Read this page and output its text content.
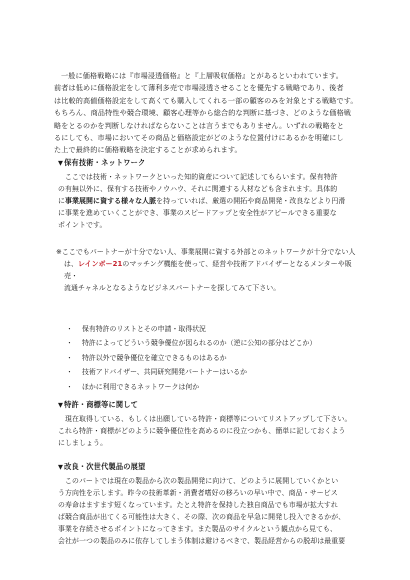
一般に価格戦略には『市場浸透価格』と『上層吸収価格』とがあるといわれています。
前者は低めに価格設定をして薄利多売で市場浸透させることを優先する戦略であり、後者
は比較的高値価格設定をして高くても購入してくれる一部の顧客のみを対象とする戦略です。
もちろん、商品特性や競合環境、顧客心理等から総合的な判断に基づき、どのような価格戦
略をとるのかを判断しなければならないことは言うまでもありません。いずれの戦略をと
るにしても、市場においてその商品と価格設定がどのような位置付けにあるかを明確にし
た上で最終的に価格戦略を決定することが求められます。
▼保有技術・ネットワーク
ここでは技術・ネットワークといった知的資産について記述してもらいます。保有特許
の有無以外に、保有する技術やノウハウ、それに関連する人材なども含まれます。具体的
に事業展開に資する様々な人脈を持っていれば、厳選の開拓や商品開発・改良などより円滑
に事業を進めていくことができ、事業のスピードアップと安全性がアピールできる重要な
ポイントです。
※ここでもパートナーが十分でない人、事業展開に資する外部とのネットワークが十分でない人
は、レインボー21のマッチング機能を使って、経営や技術アドバイザーとなるメンターや販売・
流通チャネルとなるようなビジネスパートナーを探してみて下さい。
・	保有特許のリストとその申請・取得状況
・	特許によってどういう競争優位が図られるのか（逆に公知の部分はどこか）
・	特許以外で競争優位を確立できるものはあるか
・	技術アドバイザー、共同研究開発パートナーはいるか
・	ほかに利用できるネットワークは何か
▼特許・商標等に関して
現在取得している、もしくは出願している特許・商標等についてリストアップして下さい。
これら特許・商標がどのように競争優位性を高めるのに役立つかも、簡単に記しておくよう
にしましょう。
▼改良・次世代製品の展望
このパートでは現在の製品から次の製品開発に向けて、どのように展開していくかとい
う方向性を示します。昨今の技術革新・消費者嗜好の移ろいの早い中で、商品・サービス
の寿命はますます短くなっています。たとえ特許を保持した独自商品でも市場が拡大すれ
ば競合商品が出てくる可能性は大きく、その際、次の商品を早急に開発し投入できるかが、
事業を存続させるポイントになってきます。また製品のサイクルという観点から見ても、
会社が一つの製品のみに依存してしまう体制は避けるべきで、製品経営からの脱却は最重要
